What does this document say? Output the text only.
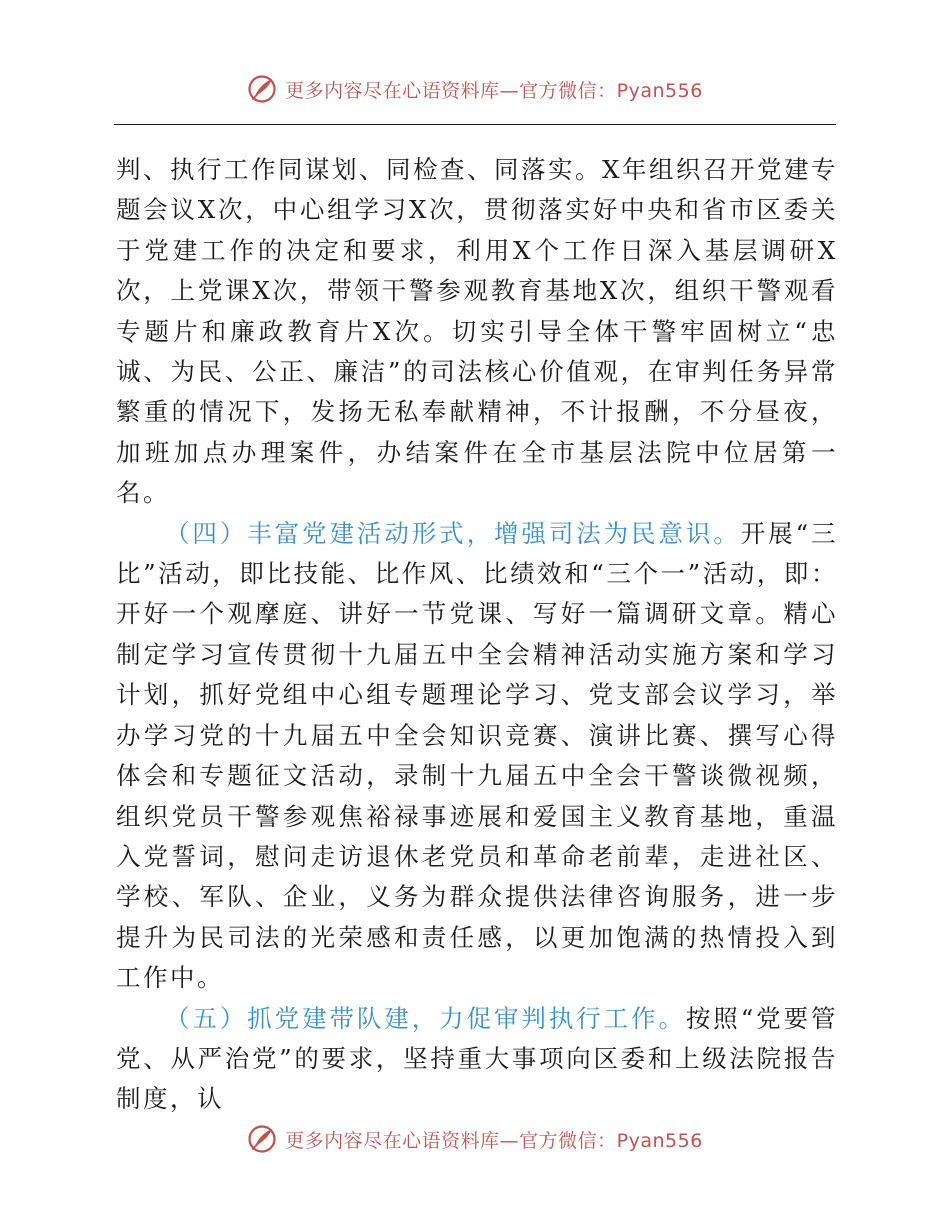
更多内容尽在心语资料库—官方微信：Pyan556

判、执行工作同谋划、同检查、同落实。X年组织召开党建专题会议X次，中心组学习X次，贯彻落实好中央和省市区委关于党建工作的决定和要求，利用X个工作日深入基层调研X次，上党课X次，带领干警参观教育基地X次，组织干警观看专题片和廉政教育片X次。切实引导全体干警牢固树立“忠诚、为民、公正、廉洁”的司法核心价值观，在审判任务异常繁重的情况下，发扬无私奉献精神，不计报酬，不分昼夜，加班加点办理案件，办结案件在全市基层法院中位居第一名。

（四）丰富党建活动形式，增强司法为民意识。开展“三比”活动，即比技能、比作风、比绩效和“三个一”活动，即：开好一个观摩庭、讲好一节党课、写好一篇调研文章。精心制定学习宣传贯彻十九届五中全会精神活动实施方案和学习计划，抓好党组中心组专题理论学习、党支部会议学习，举办学习党的十九届五中全会知识竞赛、演讲比赛、撰写心得体会和专题征文活动，录制十九届五中全会干警谈微视频，组织党员干警参观焦裕禄事迹展和爱国主义教育基地，重温入党誓词，慰问走访退休老党员和革命老前辈，走进社区、学校、军队、企业，义务为群众提供法律咨询服务，进一步提升为民司法的光荣感和责任感，以更加饱满的热情投入到工作中。

（五）抓党建带队建，力促审判执行工作。按照“党要管党、从严治党”的要求，坚持重大事项向区委和上级法院报告制度，认

更多内容尽在心语资料库—官方微信：Pyan556
